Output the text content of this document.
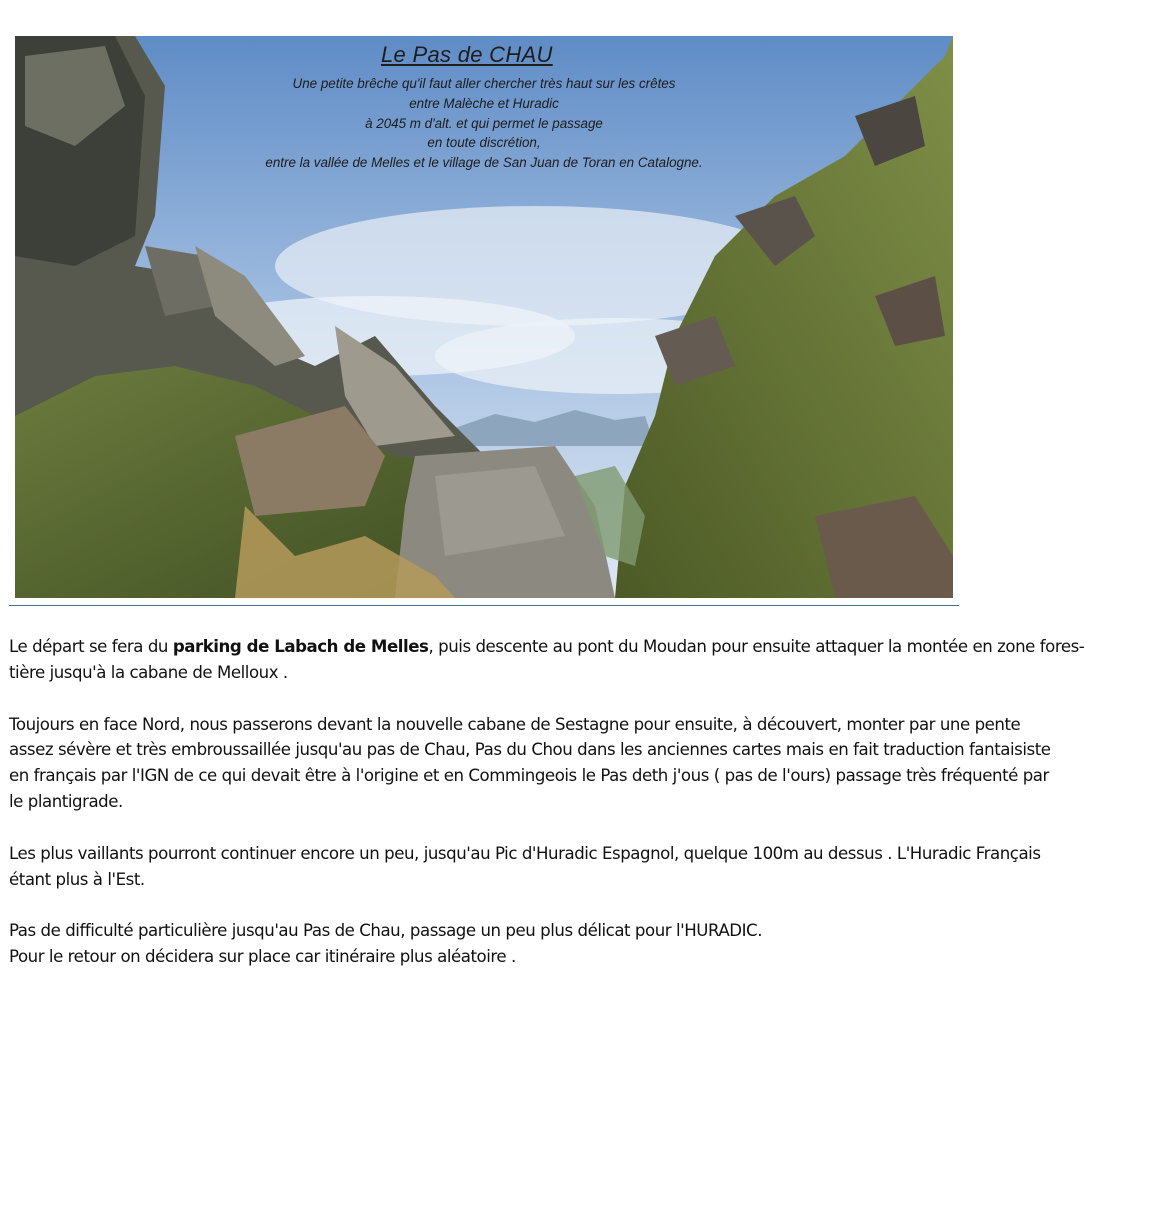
Le Pas de CHAU
Une petite brêche qu'il faut aller chercher très haut sur les crêtes
entre Malèche et Huradic
à 2045 m d'alt. et qui permet le passage
en toute discrétion,
entre la vallée de Melles et le village de San Juan de Toran en Catalogne.

Le départ se fera du parking de Labach de Melles, puis descente au pont du Moudan pour ensuite attaquer la montée en zone fores-
tière jusqu'à la cabane de Melloux .

Toujours en face Nord, nous passerons devant la nouvelle cabane de Sestagne pour ensuite, à découvert, monter par une pente
assez sévère et très embroussaillée jusqu'au pas de Chau, Pas du Chou dans les anciennes cartes mais en fait traduction fantaisiste
en français par l'IGN de ce qui devait être à l'origine et en Commingeois le Pas deth j'ous ( pas de l'ours) passage très fréquenté par
le plantigrade.

Les plus vaillants pourront continuer encore un peu, jusqu'au Pic d'Huradic Espagnol, quelque 100m au dessus . L'Huradic Français
étant plus à l'Est.

Pas de difficulté particulière jusqu'au Pas de Chau, passage un peu plus délicat pour l'HURADIC.
Pour le retour on décidera sur place car itinéraire plus aléatoire .
